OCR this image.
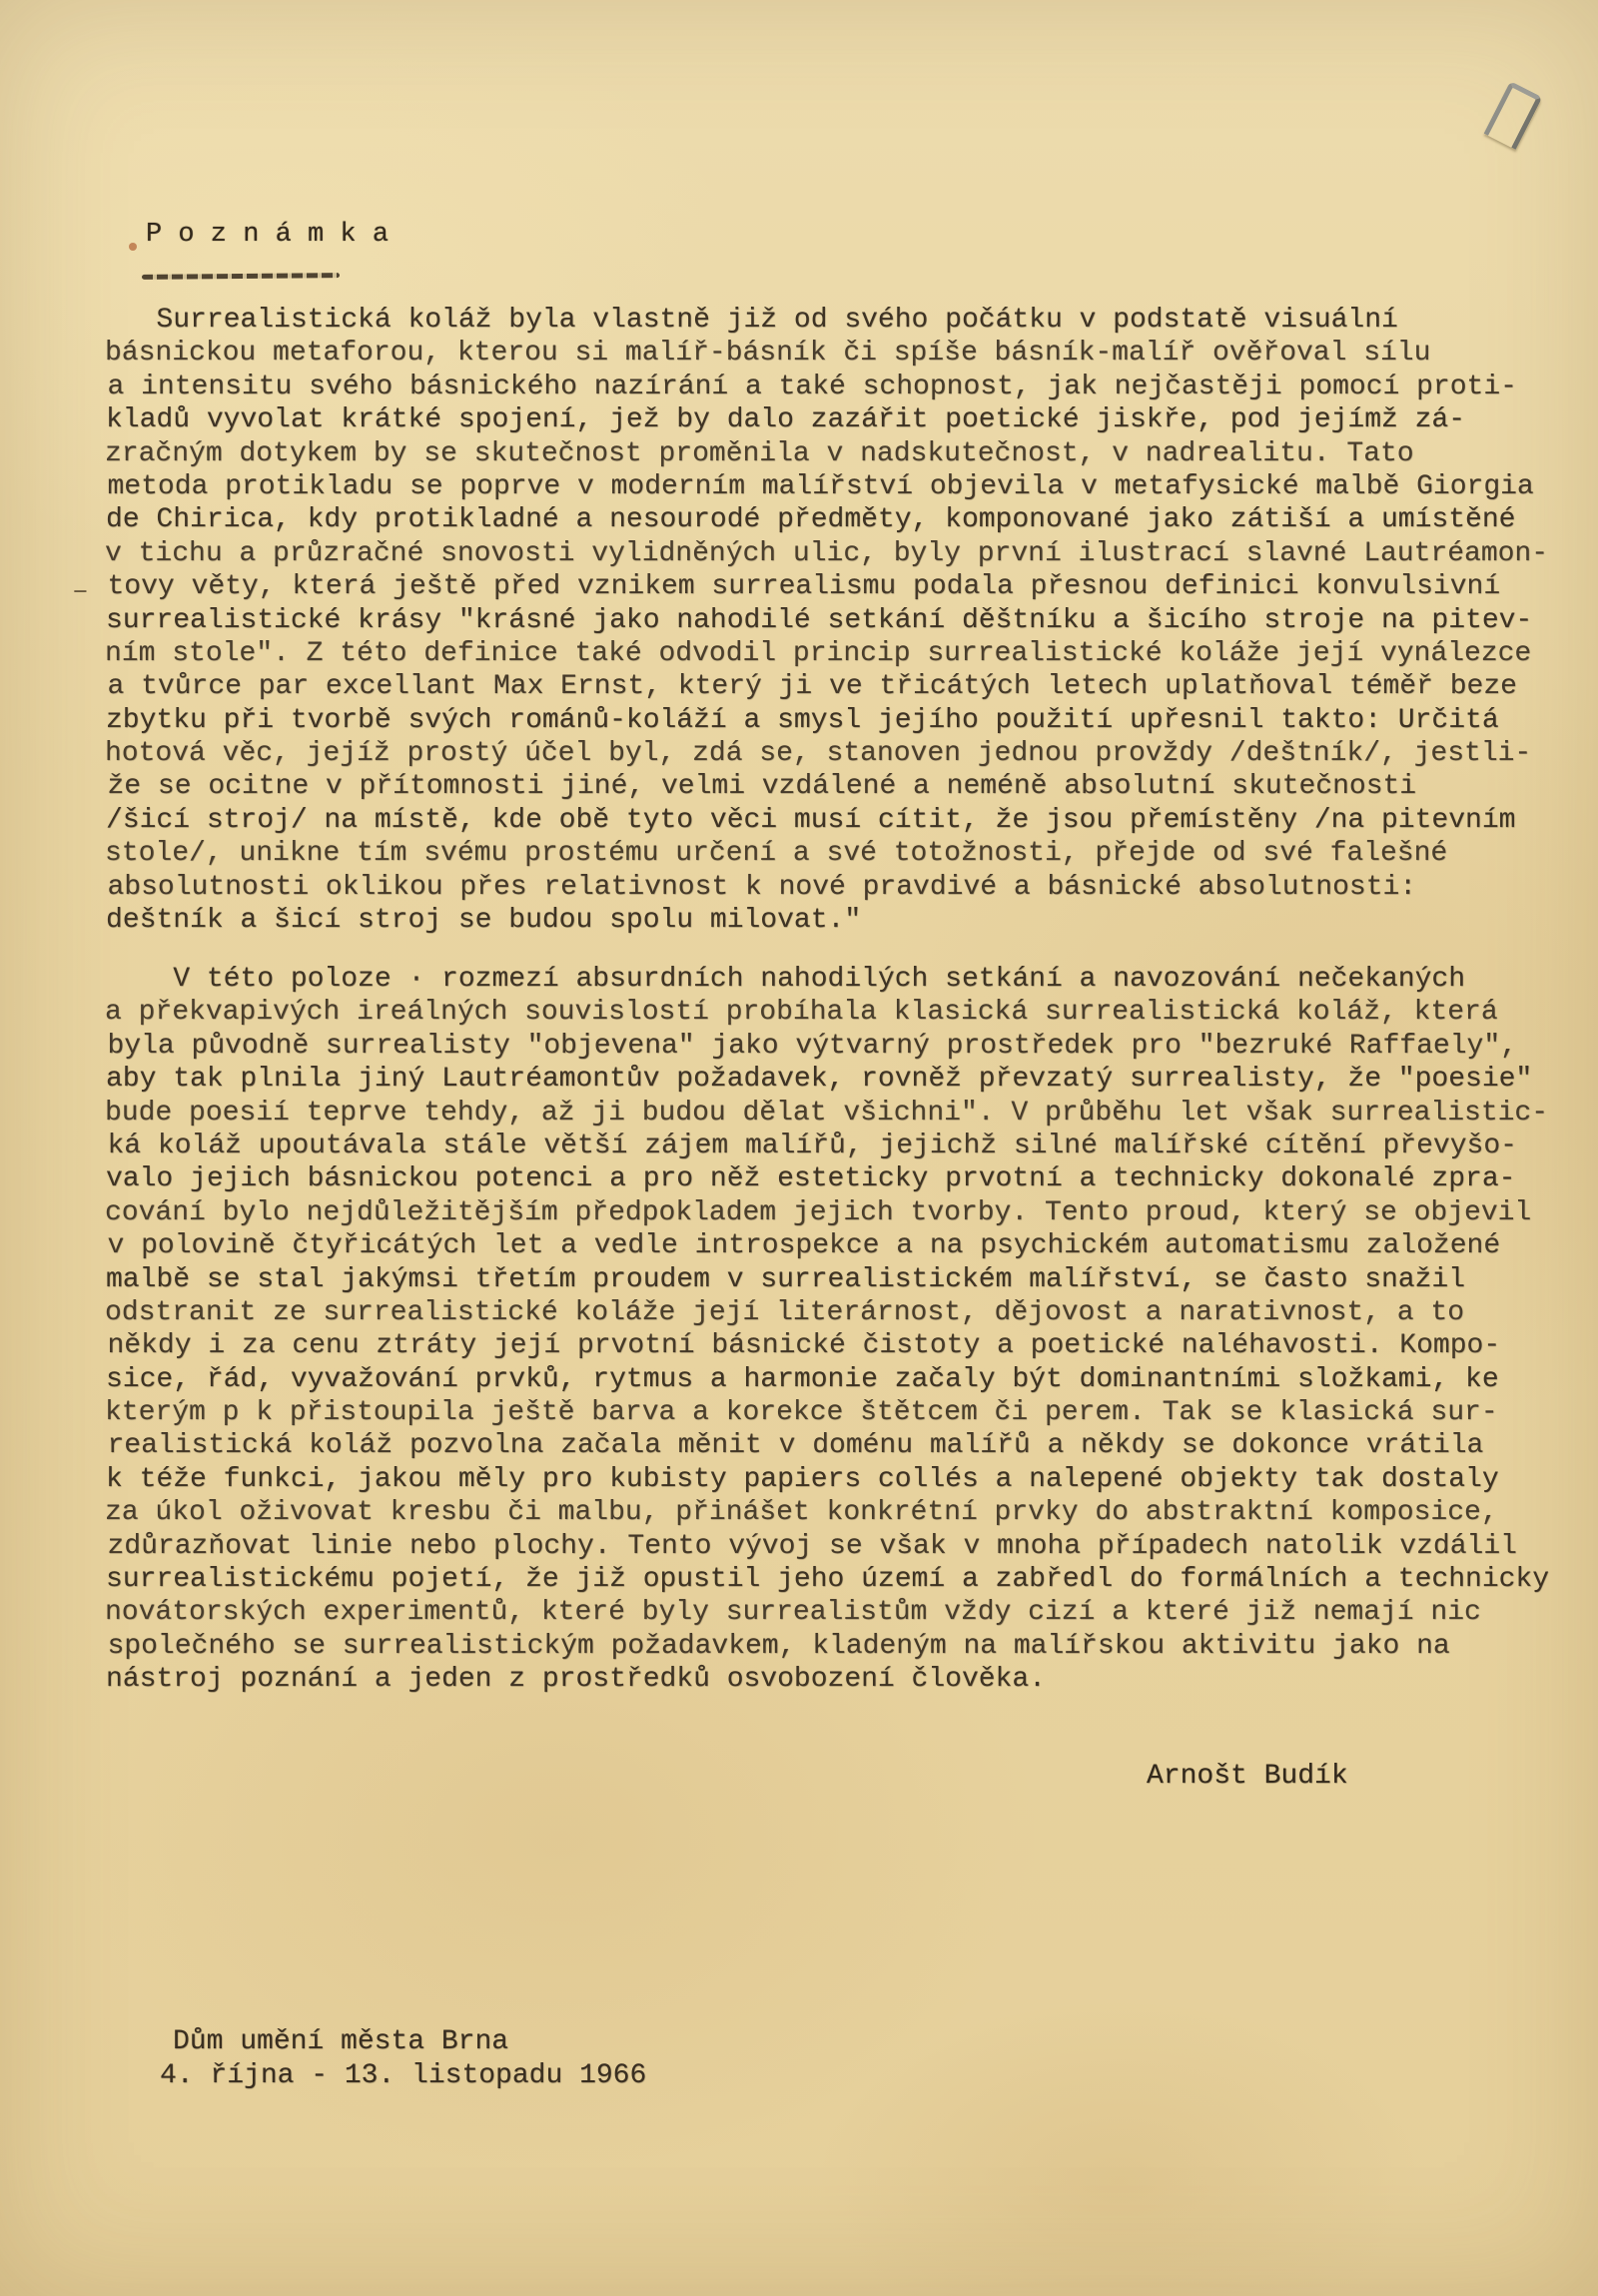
P o z n á m k a
Surrealistická koláž byla vlastně již od svého počátku v podstatě visuální
básnickou metaforou, kterou si malíř-básník či spíše básník-malíř ověřoval sílu
a intensitu svého básnického nazírání a také schopnost, jak nejčastěji pomocí proti-
kladů vyvolat krátké spojení, jež by dalo zazářit poetické jiskře, pod jejímž zá-
zračným dotykem by se skutečnost proměnila v nadskutečnost, v nadrealitu. Tato
metoda protikladu se poprve v moderním malířství objevila v metafysické malbě Giorgia
de Chirica, kdy protikladné a nesourodé předměty, komponované jako zátiší a umístěné
v tichu a průzračné snovosti vylidněných ulic, byly první ilustrací slavné Lautréamon-
tovy věty, která ještě před vznikem surrealismu podala přesnou definici konvulsivní
surrealistické krásy "krásné jako nahodilé setkání děštníku a šicího stroje na pitev-
ním stole". Z této definice také odvodil princip surrealistické koláže její vynálezce
a tvůrce par excellant Max Ernst, který ji ve třicátých letech uplatňoval téměř beze
zbytku při tvorbě svých románů-koláží a smysl jejího použití upřesnil takto: Určitá
hotová věc, jejíž prostý účel byl, zdá se, stanoven jednou provždy /deštník/, jestli-
že se ocitne v přítomnosti jiné, velmi vzdálené a neméně absolutní skutečnosti
/šicí stroj/ na místě, kde obě tyto věci musí cítit, že jsou přemístěny /na pitevním
stole/, unikne tím svému prostému určení a své totožnosti, přejde od své falešné
absolutnosti oklikou přes relativnost k nové pravdivé a básnické absolutnosti:
deštník a šicí stroj se budou spolu milovat."
–
V této poloze · rozmezí absurdních nahodilých setkání a navozování nečekaných
a překvapivých ireálných souvislostí probíhala klasická surrealistická koláž, která
byla původně surrealisty "objevena" jako výtvarný prostředek pro "bezruké Raffaely",
aby tak plnila jiný Lautréamontův požadavek, rovněž převzatý surrealisty, že "poesie"
bude poesií teprve tehdy, až ji budou dělat všichni". V průběhu let však surrealistic-
ká koláž upoutávala stále větší zájem malířů, jejichž silné malířské cítění převyšo-
valo jejich básnickou potenci a pro něž esteticky prvotní a technicky dokonalé zpra-
cování bylo nejdůležitějším předpokladem jejich tvorby. Tento proud, který se objevil
v polovině čtyřicátých let a vedle introspekce a na psychickém automatismu založené
malbě se stal jakýmsi třetím proudem v surrealistickém malířství, se často snažil
odstranit ze surrealistické koláže její literárnost, dějovost a narativnost, a to
někdy i za cenu ztráty její prvotní básnické čistoty a poetické naléhavosti. Kompo-
sice, řád, vyvažování prvků, rytmus a harmonie začaly být dominantními složkami, ke
kterým p k přistoupila ještě barva a korekce štětcem či perem. Tak se klasická sur-
realistická koláž pozvolna začala měnit v doménu malířů a někdy se dokonce vrátila
k téže funkci, jakou měly pro kubisty papiers collés a nalepené objekty tak dostaly
za úkol oživovat kresbu či malbu, přinášet konkrétní prvky do abstraktní komposice,
zdůrazňovat linie nebo plochy. Tento vývoj se však v mnoha případech natolik vzdálil
surrealistickému pojetí, že již opustil jeho území a zabředl do formálních a technicky
novátorských experimentů, které byly surrealistům vždy cizí a které již nemají nic
společného se surrealistickým požadavkem, kladeným na malířskou aktivitu jako na
nástroj poznání a jeden z prostředků osvobození člověka.
Arnošt Budík
Dům umění města Brna
4. října - 13. listopadu 1966
